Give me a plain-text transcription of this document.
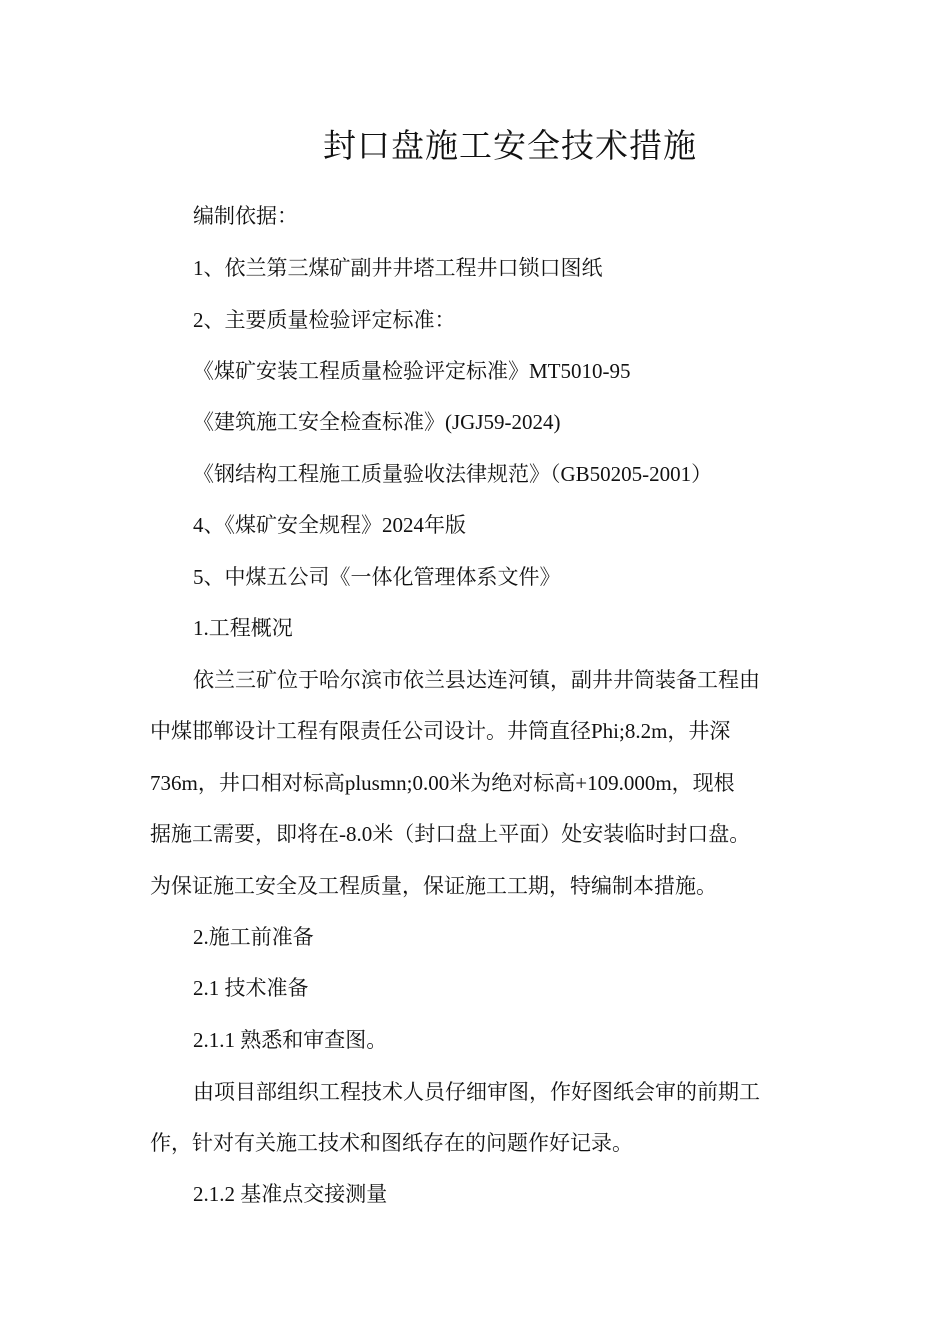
封口盘施工安全技术措施

编制依据：

1、依兰第三煤矿副井井塔工程井口锁口图纸

2、主要质量检验评定标准：

《煤矿安装工程质量检验评定标准》MT5010-95

《建筑施工安全检查标准》(JGJ59-2024)

《钢结构工程施工质量验收法律规范》（GB50205-2001）

4、《煤矿安全规程》2024年版

5、中煤五公司《一体化管理体系文件》

1.工程概况

依兰三矿位于哈尔滨市依兰县达连河镇，副井井筒装备工程由

中煤邯郸设计工程有限责任公司设计。井筒直径Phi;8.2m，井深

736m，井口相对标高plusmn;0.00米为绝对标高+109.000m，现根

据施工需要，即将在-8.0米（封口盘上平面）处安装临时封口盘。

为保证施工安全及工程质量，保证施工工期，特编制本措施。

2.施工前准备

2.1 技术准备

2.1.1 熟悉和审查图。

由项目部组织工程技术人员仔细审图，作好图纸会审的前期工

作，针对有关施工技术和图纸存在的问题作好记录。

2.1.2 基准点交接测量
